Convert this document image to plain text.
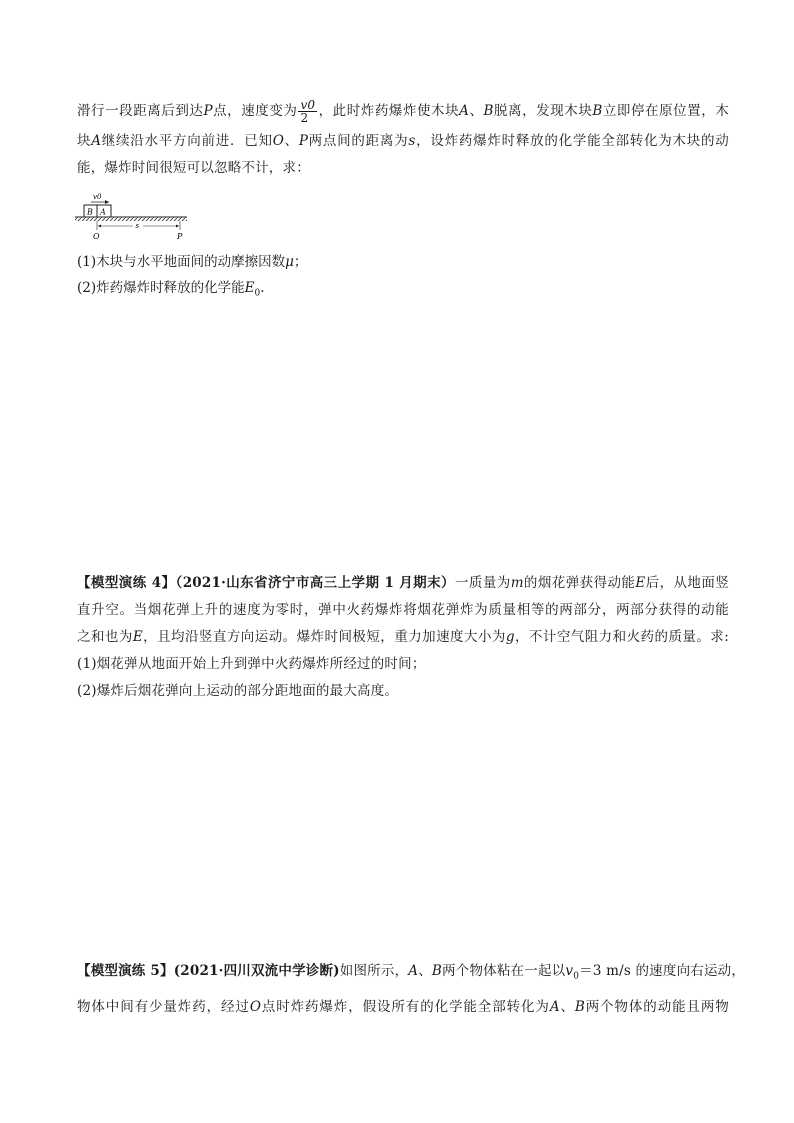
滑行一段距离后到达P点，速度变为 $\frac{v0}{2}$ ，此时炸药爆炸使木块A、B脱离，发现木块B立即停在原位置，木
块A继续沿水平方向前进．已知O、P两点间的距离为s，设炸药爆炸时释放的化学能全部转化为木块的动
能，爆炸时间很短可以忽略不计，求：
v0
B A
s
O	P
(1)木块与水平地面间的动摩擦因数μ；
(2)炸药爆炸时释放的化学能$E_0$.
【模型演练 4】（2021·山东省济宁市高三上学期 1 月期末）一质量为m的烟花弹获得动能E后，从地面竖
直升空。当烟花弹上升的速度为零时，弹中火药爆炸将烟花弹炸为质量相等的两部分，两部分获得的动能
之和也为E，且均沿竖直方向运动。爆炸时间极短，重力加速度大小为g，不计空气阻力和火药的质量。求:
(1)烟花弹从地面开始上升到弹中火药爆炸所经过的时间；
(2)爆炸后烟花弹向上运动的部分距地面的最大高度。
【模型演练 5】(2021·四川双流中学诊断)如图所示，A、B两个物体粘在一起以$v_0=3$ m/s 的速度向右运动，
物体中间有少量炸药，经过O点时炸药爆炸，假设所有的化学能全部转化为A、B两个物体的动能且两物
